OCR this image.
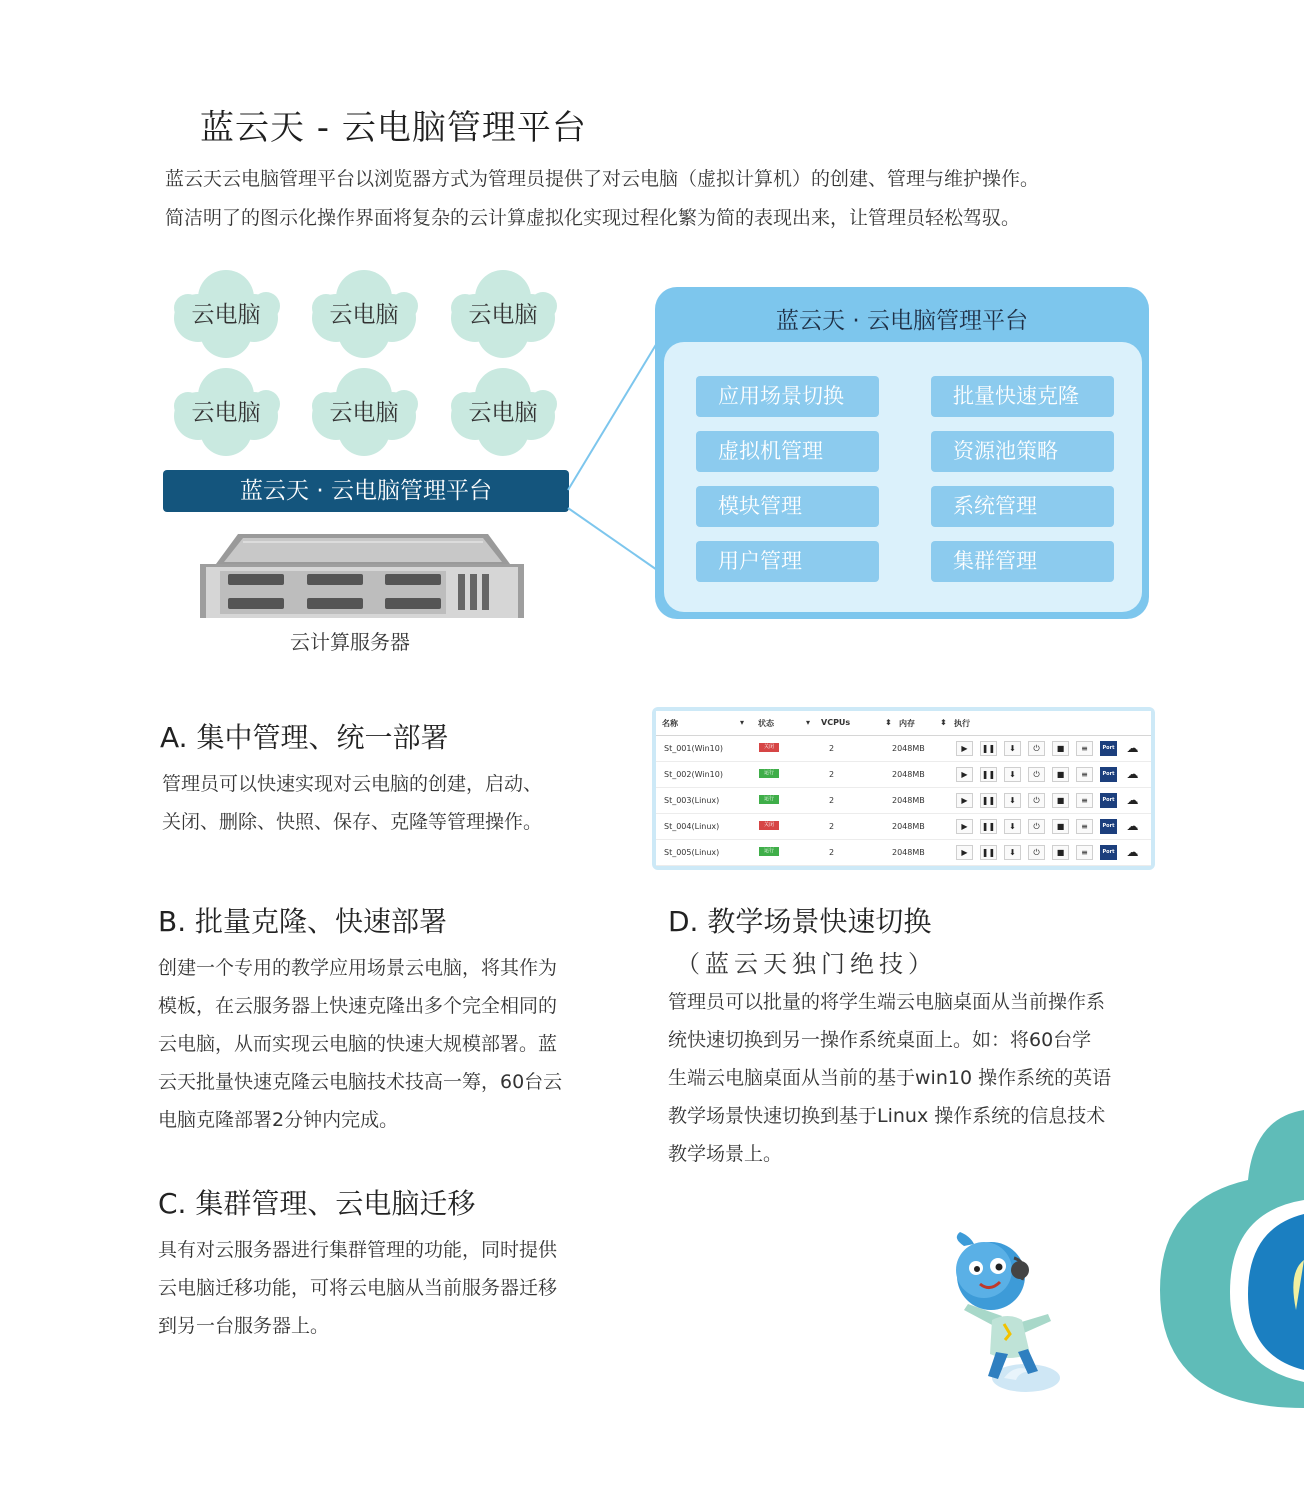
蓝云天 - 云电脑管理平台
蓝云天云电脑管理平台以浏览器方式为管理员提供了对云电脑（虚拟计算机）的创建、管理与维护操作。
简洁明了的图示化操作界面将复杂的云计算虚拟化实现过程化繁为简的表现出来，让管理员轻松驾驭。
云电脑	云电脑	云电脑
云电脑	云电脑	云电脑
蓝云天 · 云电脑管理平台
云计算服务器
蓝云天 · 云电脑管理平台
应用场景切换	批量快速克隆
虚拟机管理	资源池策略
模块管理	系统管理
用户管理	集群管理
A. 集中管理、统一部署
管理员可以快速实现对云电脑的创建，启动、
关闭、删除、快照、保存、克隆等管理操作。
名称	▾ 状态	▾ VCPUs	⬍ 内存	⬍ 执行
St_001(Win10)	关闭	2	2048MB	▶	❚❚	⬇	⏻	■	≡	Port ☁
St_002(Win10)	运行	2	2048MB	▶	❚❚	⬇	⏻	■	≡	Port ☁
St_003(Linux)	运行	2	2048MB	▶	❚❚	⬇	⏻	■	≡	Port ☁
St_004(Linux)	关闭	2	2048MB	▶	❚❚	⬇	⏻	■	≡	Port ☁
St_005(Linux)	运行	2	2048MB	▶	❚❚	⬇	⏻	■	≡	Port ☁
B. 批量克隆、快速部署
创建一个专用的教学应用场景云电脑，将其作为
模板，在云服务器上快速克隆出多个完全相同的
云电脑，从而实现云电脑的快速大规模部署。蓝
云天批量快速克隆云电脑技术技高一筹，60台云
电脑克隆部署2分钟内完成。
C. 集群管理、云电脑迁移
具有对云服务器进行集群管理的功能，同时提供
云电脑迁移功能，可将云电脑从当前服务器迁移
到另一台服务器上。
D. 教学场景快速切换
（蓝云天独门绝技）
管理员可以批量的将学生端云电脑桌面从当前操作系
统快速切换到另一操作系统桌面上。如：将60台学
生端云电脑桌面从当前的基于win10 操作系统的英语
教学场景快速切换到基于Linux 操作系统的信息技术
教学场景上。
